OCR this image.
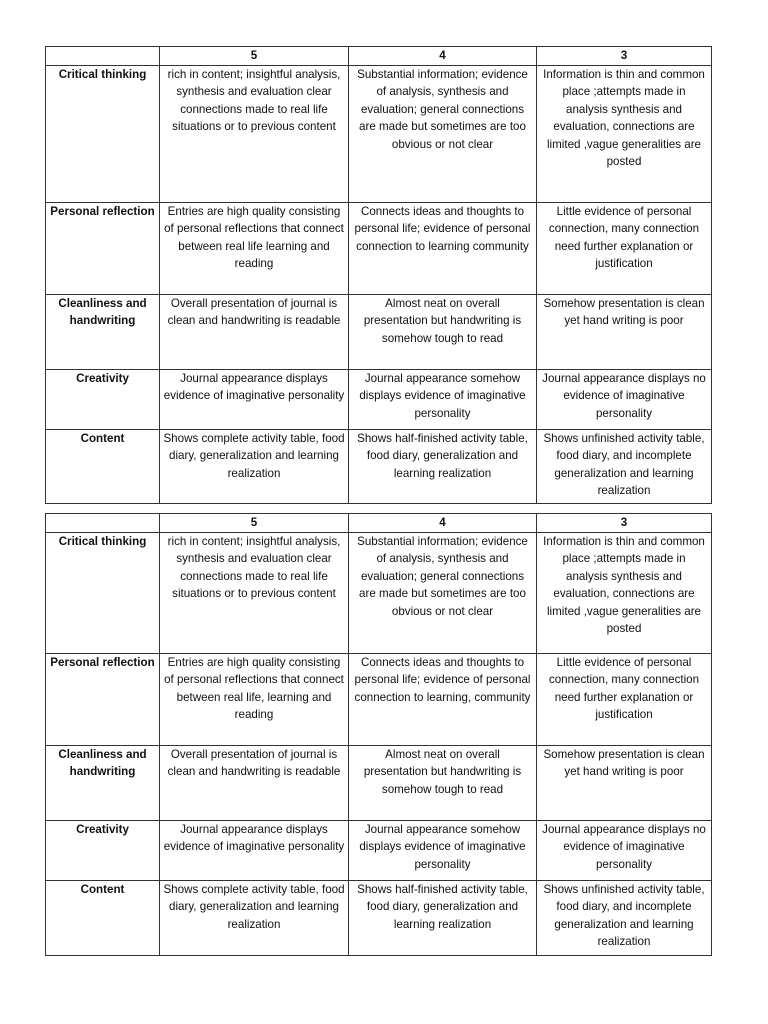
	5	4	3
Critical thinking	rich in content; insightful analysis, synthesis and evaluation clear connections made to real life situations or to previous content	Substantial information; evidence of analysis, synthesis and evaluation; general connections are made but sometimes are too obvious or not clear	Information is thin and common place ;attempts made in analysis synthesis and evaluation, connections are limited ,vague generalities are posted
Personal reflection	Entries are high quality consisting of personal reflections that connect between real life learning and reading	Connects ideas and thoughts to personal life; evidence of personal connection to learning community	Little evidence of personal connection, many connection need further explanation or justification
Cleanliness and handwriting	Overall presentation of journal is clean and handwriting is readable	Almost neat on overall presentation but handwriting is somehow tough to read	Somehow presentation is clean yet hand writing is poor
Creativity	Journal appearance displays evidence of imaginative personality	Journal appearance somehow displays evidence of imaginative personality	Journal appearance displays no evidence of imaginative personality
Content	Shows complete activity table, food diary, generalization and learning realization	Shows half-finished activity table, food diary, generalization and learning realization	Shows unfinished activity table, food diary, and incomplete generalization and learning realization
	5	4	3
Critical thinking	rich in content; insightful analysis, synthesis and evaluation clear connections made to real life situations or to previous content	Substantial information; evidence of analysis, synthesis and evaluation; general connections are made but sometimes are too obvious or not clear	Information is thin and common place ;attempts made in analysis synthesis and evaluation, connections are limited ,vague generalities are posted
Personal reflection	Entries are high quality consisting of personal reflections that connect between real life, learning and reading	Connects ideas and thoughts to personal life; evidence of personal connection to learning, community	Little evidence of personal connection, many connection need further explanation or justification
Cleanliness and handwriting	Overall presentation of journal is clean and handwriting is readable	Almost neat on overall presentation but handwriting is somehow tough to read	Somehow presentation is clean yet hand writing is poor
Creativity	Journal appearance displays evidence of imaginative personality	Journal appearance somehow displays evidence of imaginative personality	Journal appearance displays no evidence of imaginative personality
Content	Shows complete activity table, food diary, generalization and learning realization	Shows half-finished activity table, food diary, generalization and learning realization	Shows unfinished activity table, food diary, and incomplete generalization and learning realization
